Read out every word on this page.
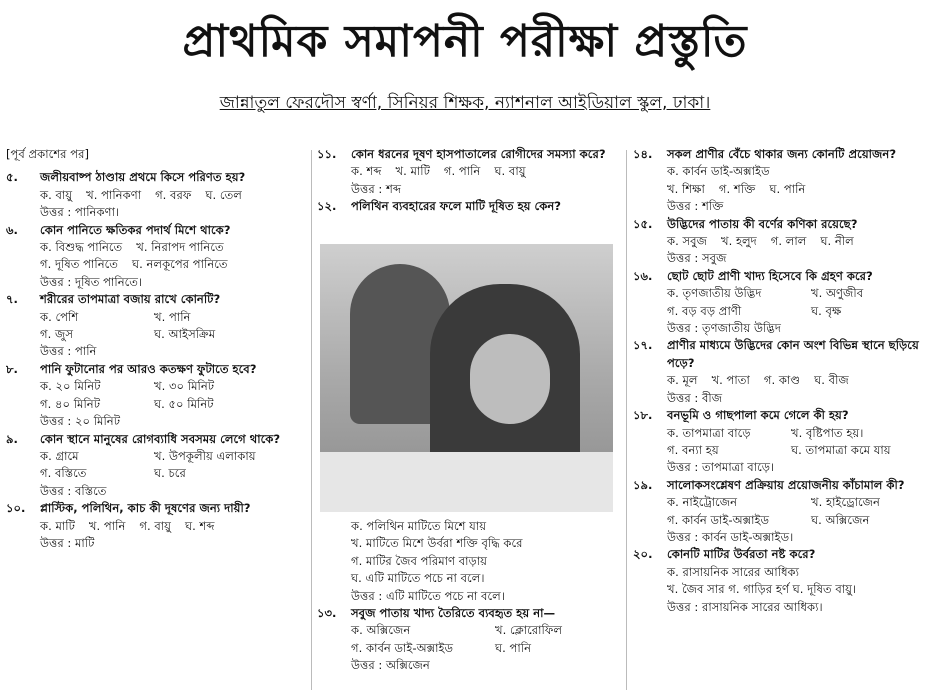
প্রাথমিক সমাপনী পরীক্ষা প্রস্তুতি
জান্নাতুল ফেরদৌস স্বর্ণা, সিনিয়র শিক্ষক, ন্যাশনাল আইডিয়াল স্কুল, ঢাকা।
[পূর্ব প্রকাশের পর]
৫.	জলীয়বাষ্প ঠাণ্ডায় প্রথমে কিসে পরিণত হয়?
ক. বায়ু খ. পানিকণা গ. বরফ ঘ. তেল
উত্তর : পানিকণা।
৬.	কোন পানিতে ক্ষতিকর পদার্থ মিশে থাকে?
ক. বিশুদ্ধ পানিতে খ. নিরাপদ পানিতে
গ. দূষিত পানিতে ঘ. নলকূপের পানিতে
উত্তর : দূষিত পানিতে।
৭.	শরীরের তাপমাত্রা বজায় রাখে কোনটি?
ক. পেশি	খ. পানি
গ. জুস	ঘ. আইসক্রিম
উত্তর : পানি
৮.	পানি ফুটানোর পর আরও কতক্ষণ ফুটাতে হবে?
ক. ২০ মিনিট	খ. ৩০ মিনিট
গ. ৪০ মিনিট	ঘ. ৫০ মিনিট
উত্তর : ২০ মিনিট
৯.	কোন স্থানে মানুষের রোগব্যাধি সবসময় লেগে থাকে?
ক. গ্রামে	খ. উপকূলীয় এলাকায়
গ. বস্তিতে	ঘ. চরে
উত্তর : বস্তিতে
১০.	প্লাস্টিক, পলিথিন, কাচ কী দূষণের জন্য দায়ী?
ক. মাটি খ. পানি গ. বায়ু ঘ. শব্দ
উত্তর : মাটি
১১.	কোন ধরনের দূষণ হাসপাতালের রোগীদের সমস্যা করে?
ক. শব্দ খ. মাটি গ. পানি ঘ. বায়ু
উত্তর : শব্দ
১২.	পলিথিন ব্যবহারের ফলে মাটি দূষিত হয় কেন?
ক. পলিথিন মাটিতে মিশে যায়
খ. মাটিতে মিশে উর্বরা শক্তি বৃদ্ধি করে
গ. মাটির জৈব পরিমাণ বাড়ায়
ঘ. এটি মাটিতে পচে না বলে।
উত্তর : এটি মাটিতে পচে না বলে।
১৩.	সবুজ পাতায় খাদ্য তৈরিতে ব্যবহৃত হয় না—
ক. অক্সিজেন	খ. ক্লোরোফিল
গ. কার্বন ডাই-অক্সাইড	ঘ. পানি
উত্তর : অক্সিজেন
১৪.	সকল প্রাণীর বেঁচে থাকার জন্য কোনটি প্রয়োজন?
ক. কার্বন ডাই-অক্সাইড
খ. শিক্ষা গ. শক্তি ঘ. পানি
উত্তর : শক্তি
১৫.	উদ্ভিদের পাতায় কী বর্ণের কণিকা রয়েছে?
ক. সবুজ খ. হলুদ গ. লাল ঘ. নীল
উত্তর : সবুজ
১৬.	ছোট ছোট প্রাণী খাদ্য হিসেবে কি গ্রহণ করে?
ক. তৃণজাতীয় উদ্ভিদ	খ. অণুজীব
গ. বড় বড় প্রাণী	ঘ. বৃক্ষ
উত্তর : তৃণজাতীয় উদ্ভিদ
১৭.	প্রাণীর মাধ্যমে উদ্ভিদের কোন অংশ বিভিন্ন স্থানে ছড়িয়ে পড়ে?
ক. মূল খ. পাতা গ. কাণ্ড ঘ. বীজ
উত্তর : বীজ
১৮.	বনভূমি ও গাছপালা কমে গেলে কী হয়?
ক. তাপমাত্রা বাড়ে	খ. বৃষ্টিপাত হয়।
গ. বন্যা হয়	ঘ. তাপমাত্রা কমে যায়
উত্তর : তাপমাত্রা বাড়ে।
১৯.	সালোকসংশ্লেষণ প্রক্রিয়ায় প্রয়োজনীয় কাঁচামাল কী?
ক. নাইট্রোজেন	খ. হাইড্রোজেন
গ. কার্বন ডাই-অক্সাইড	ঘ. অক্সিজেন
উত্তর : কার্বন ডাই-অক্সাইড।
২০.	কোনটি মাটির উর্বরতা নষ্ট করে?
ক. রাসায়নিক সারের আধিক্য
খ. জৈব সার গ. গাড়ির হর্ণ ঘ. দূষিত বায়ু।
উত্তর : রাসায়নিক সারের আধিক্য।
